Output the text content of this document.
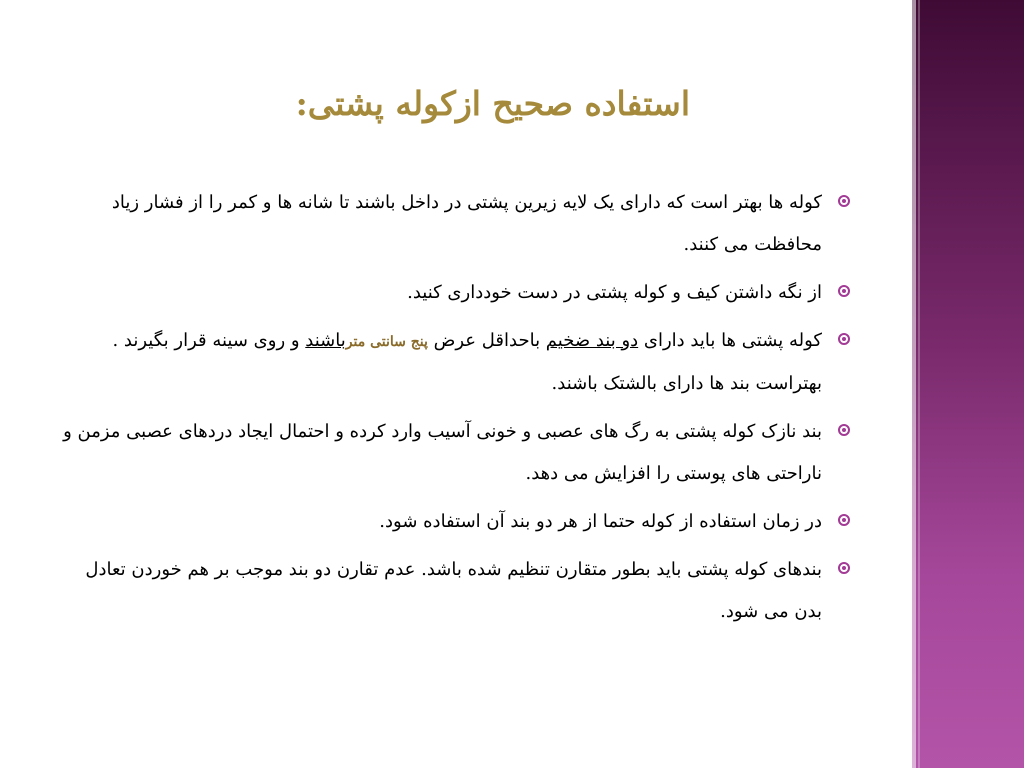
استفاده صحیح ازکوله پشتی:
کوله ها بهتر است که دارای یک لایه زیرین پشتی در داخل باشند تا شانه ها و کمر را از فشار زیاد محافظت می کنند.
از نگه داشتن کیف و کوله پشتی در دست خودداری کنید.
کوله پشتی ها باید دارای دو بند ضخیم باحداقل عرض پنج سانتی مترباشند و روی سینه قرار بگیرند . بهتراست بند ها دارای بالشتک باشند.
بند نازک کوله پشتی به رگ های عصبی و خونی آسیب وارد کرده و احتمال ایجاد دردهای عصبی مزمن و ناراحتی های پوستی را افزایش می دهد.
در زمان استفاده از کوله حتما از هر دو بند آن استفاده شود.
بندهای کوله پشتی باید بطور متقارن تنظیم شده باشد. عدم تقارن دو بند موجب بر هم خوردن تعادل بدن می شود.
